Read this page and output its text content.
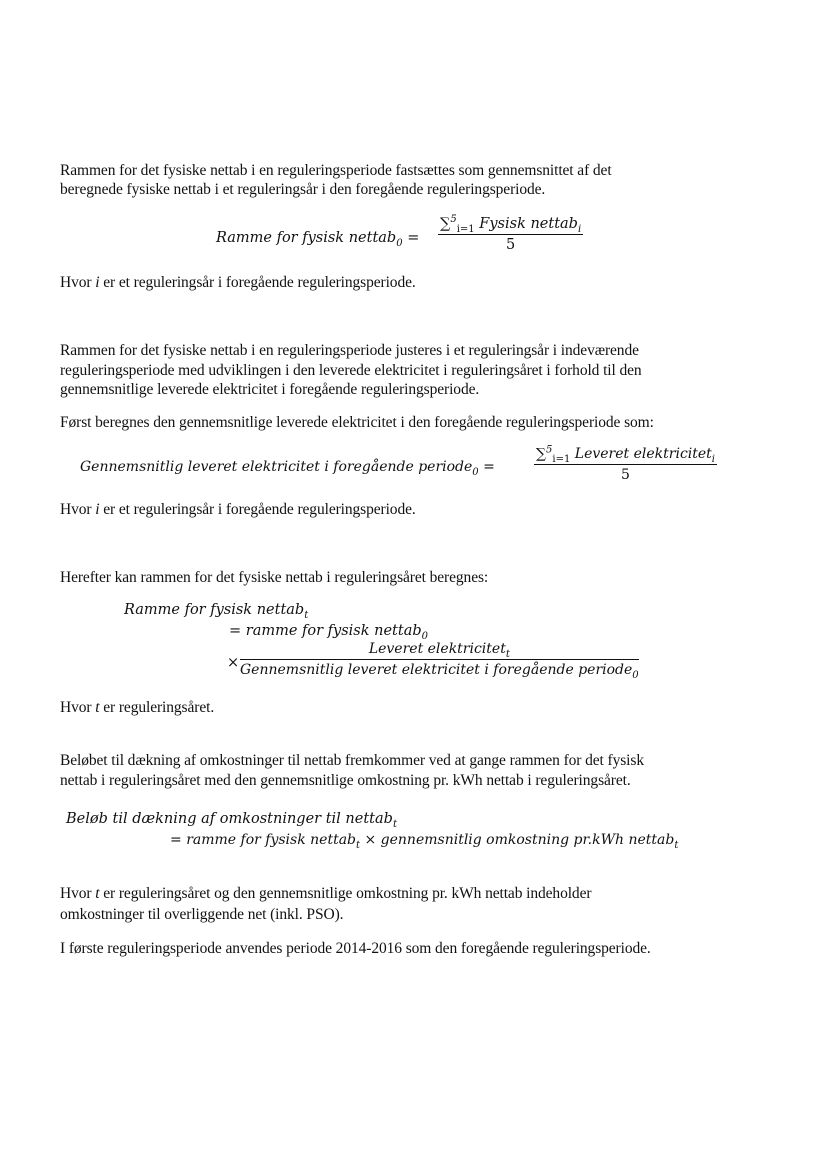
Rammen for det fysiske nettab i en reguleringsperiode fastsættes som gennemsnittet af det

beregnede fysiske nettab i et reguleringsår i den foregående reguleringsperiode.

Ramme for fysisk nettab$_0$ =
∑$^5_{i=1}$ Fysisk nettab$_i$
5

Hvor i er et reguleringsår i foregående reguleringsperiode.

Rammen for det fysiske nettab i en reguleringsperiode justeres i et reguleringsår i indeværende

reguleringsperiode med udviklingen i den leverede elektricitet i reguleringsåret i forhold til den

gennemsnitlige leverede elektricitet i foregående reguleringsperiode.

Først beregnes den gennemsnitlige leverede elektricitet i den foregående reguleringsperiode som:

Gennemsnitlig leveret elektricitet i foregående periode$_0$ =
∑$^5_{i=1}$ Leveret elektricitet$_i$
5

Hvor i er et reguleringsår i foregående reguleringsperiode.

Herefter kan rammen for det fysiske nettab i reguleringsåret beregnes:

Ramme for fysisk nettab$_t$
= ramme for fysisk nettab$_0$
×
Leveret elektricitet$_t$
Gennemsnitlig leveret elektricitet i foregående periode$_0$

Hvor t er reguleringsåret.

Beløbet til dækning af omkostninger til nettab fremkommer ved at gange rammen for det fysisk

nettab i reguleringsåret med den gennemsnitlige omkostning pr. kWh nettab i reguleringsåret.

Beløb til dækning af omkostninger til nettab$_t$
= ramme for fysisk nettab$_t$ × gennemsnitlig omkostning pr.kWh nettab$_t$

Hvor t er reguleringsåret og den gennemsnitlige omkostning pr. kWh nettab indeholder

omkostninger til overliggende net (inkl. PSO).

I første reguleringsperiode anvendes periode 2014-2016 som den foregående reguleringsperiode.
